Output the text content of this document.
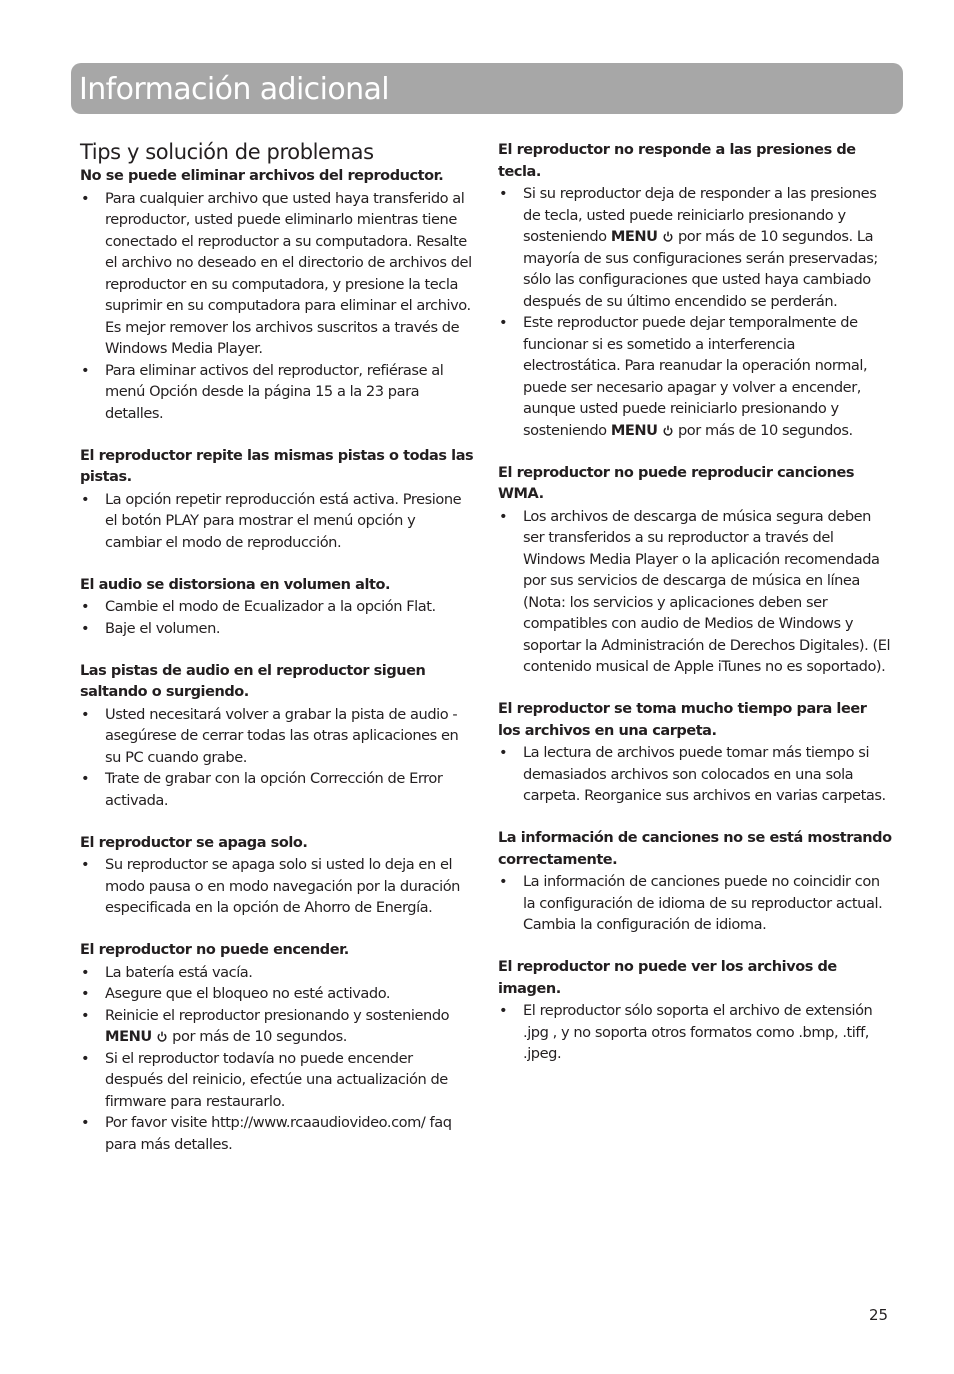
Información adicional
Tips y solución de problemas
No se puede eliminar archivos del reproductor.
• Para cualquier archivo que usted haya transferido al reproductor, usted puede eliminarlo mientras tiene conectado el reproductor a su computadora. Resalte el archivo no deseado en el directorio de archivos del reproductor en su computadora, y presione la tecla suprimir en su computadora para eliminar el archivo. Es mejor remover los archivos suscritos a través de Windows Media Player.
• Para eliminar activos del reproductor, refiérase al menú Opción desde la página 15 a la 23 para detalles.
El reproductor repite las mismas pistas o todas las pistas.
• La opción repetir reproducción está activa. Presione el botón PLAY para mostrar el menú opción y cambiar el modo de reproducción.
El audio se distorsiona en volumen alto.
• Cambie el modo de Ecualizador a la opción Flat.
• Baje el volumen.
Las pistas de audio en el reproductor siguen saltando o surgiendo.
• Usted necesitará volver a grabar la pista de audio - asegúrese de cerrar todas las otras aplicaciones en su PC cuando grabe.
• Trate de grabar con la opción Corrección de Error activada.
El reproductor se apaga solo.
• Su reproductor se apaga solo si usted lo deja en el modo pausa o en modo navegación por la duración especificada en la opción de Ahorro de Energía.
El reproductor no puede encender.
• La batería está vacía.
• Asegure que el bloqueo no esté activado.
• Reinicie el reproductor presionando y sosteniendo MENU  por más de 10 segundos.
• Si el reproductor todavía no puede encender después del reinicio, efectúe una actualización de firmware para restaurarlo.
• Por favor visite http://www.rcaaudiovideo.com/ faq para más detalles.
El reproductor no responde a las presiones de tecla.
• Si su reproductor deja de responder a las presiones de tecla, usted puede reiniciarlo presionando y sosteniendo MENU  por más de 10 segundos. La mayoría de sus configuraciones serán preservadas; sólo las configuraciones que usted haya cambiado después de su último encendido se perderán.
• Este reproductor puede dejar temporalmente de funcionar si es sometido a interferencia electrostática. Para reanudar la operación normal, puede ser necesario apagar y volver a encender, aunque usted puede reiniciarlo presionando y sosteniendo MENU  por más de 10 segundos.
El reproductor no puede reproducir canciones WMA.
• Los archivos de descarga de música segura deben ser transferidos a su reproductor a través del Windows Media Player o la aplicación recomendada por sus servicios de descarga de música en línea (Nota: los servicios y aplicaciones deben ser compatibles con audio de Medios de Windows y soportar la Administración de Derechos Digitales). (El contenido musical de Apple iTunes no es soportado).
El reproductor se toma mucho tiempo para leer los archivos en una carpeta.
• La lectura de archivos puede tomar más tiempo si demasiados archivos son colocados en una sola carpeta. Reorganice sus archivos en varias carpetas.
La información de canciones no se está mostrando correctamente.
• La información de canciones puede no coincidir con la configuración de idioma de su reproductor actual. Cambia la configuración de idioma.
El reproductor no puede ver los archivos de imagen.
• El reproductor sólo soporta el archivo de extensión .jpg , y no soporta otros formatos como .bmp, .tiff, .jpeg.
25
